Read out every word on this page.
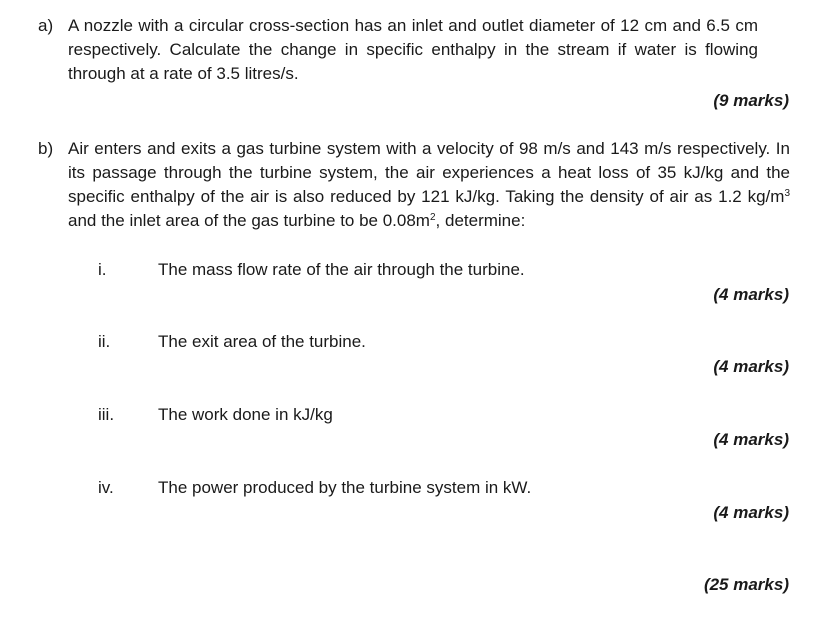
a) A nozzle with a circular cross-section has an inlet and outlet diameter of 12 cm and 6.5 cm respectively. Calculate the change in specific enthalpy in the stream if water is flowing through at a rate of 3.5 litres/s.
(9 marks)
b) Air enters and exits a gas turbine system with a velocity of 98 m/s and 143 m/s respectively. In its passage through the turbine system, the air experiences a heat loss of 35 kJ/kg and the specific enthalpy of the air is also reduced by 121 kJ/kg. Taking the density of air as 1.2 $kg/m^3$ and the inlet area of the gas turbine to be $0.08m^2$, determine:
i.	The mass flow rate of the air through the turbine.
(4 marks)
ii.	The exit area of the turbine.
(4 marks)
iii.	The work done in kJ/kg
(4 marks)
iv.	The power produced by the turbine system in kW.
(4 marks)
(25 marks)
